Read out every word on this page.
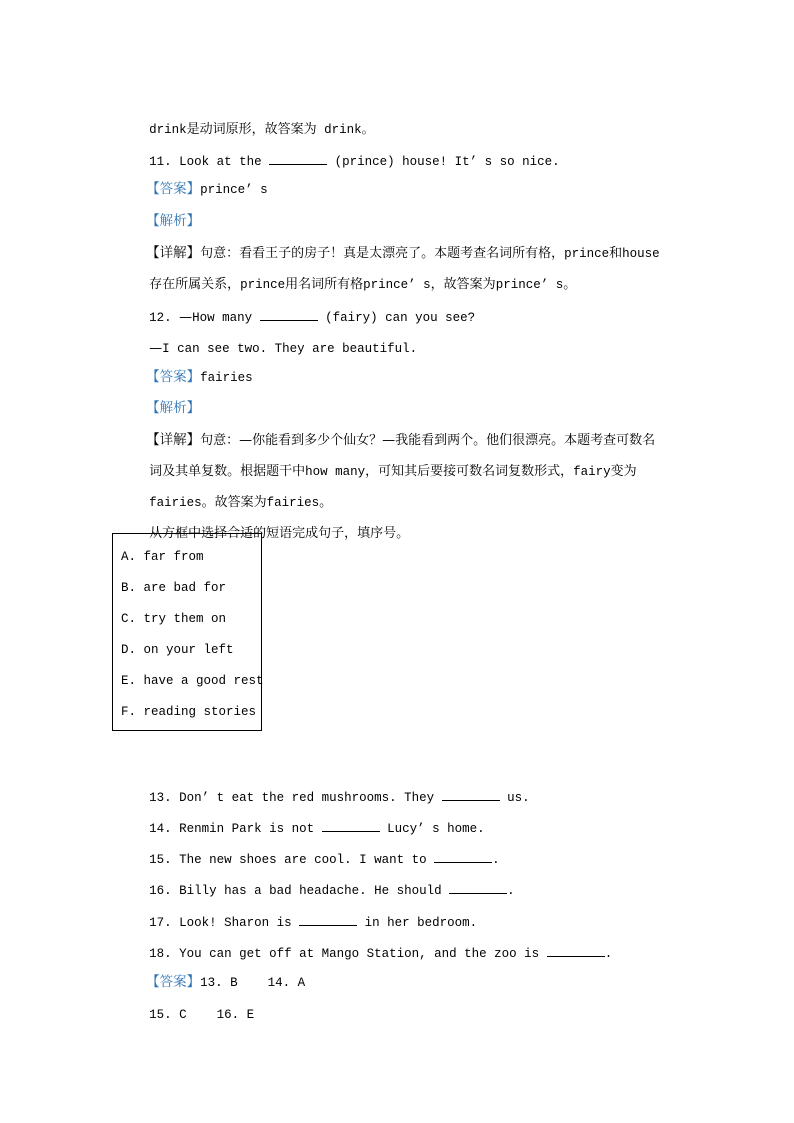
drink是动词原形，故答案为 drink。

11. Look at the	(prince) house! It’ s so nice.

【答案】prince’ s

【解析】

【详解】句意：看看王子的房子！真是太漂亮了。本题考查名词所有格，prince和house

存在所属关系，prince用名词所有格prince’ s，故答案为prince’ s。

12. —How many	(fairy) can you see?

—I can see two. They are beautiful.

【答案】fairies

【解析】

【详解】句意：—你能看到多少个仙女？—我能看到两个。他们很漂亮。本题考查可数名

词及其单复数。根据题干中how many，可知其后要接可数名词复数形式，fairy变为

fairies。故答案为fairies。

从方框中选择合适的短语完成句子，填序号。

A. far from
B. are bad for
C. try them on
D. on your left
E. have a good rest
F. reading stories

13. Don’ t eat the red mushrooms. They	us.

14. Renmin Park is not	Lucy’ s home.

15. The new shoes are cool. I want to	.

16. Billy has a bad headache. He should	.

17. Look! Sharon is	in her bedroom.

18. You can get off at Mango Station, and the zoo is	.

【答案】13. B    14. A

15. C    16. E
